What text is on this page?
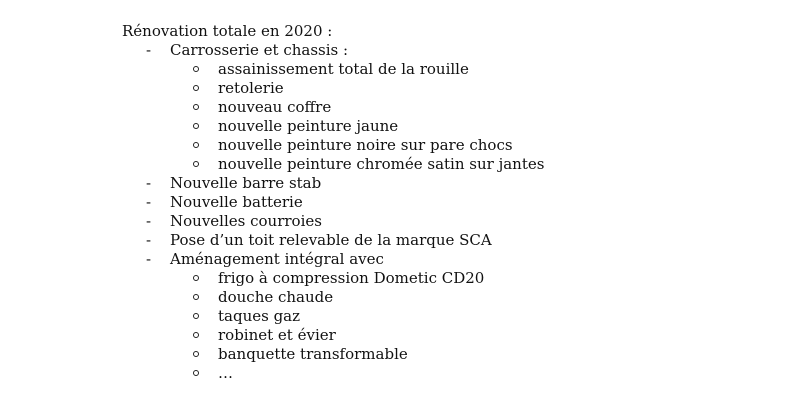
Rénovation totale en 2020 :
- Carrosserie et chassis :
assainissement total de la rouille
retolerie
nouveau coffre
nouvelle peinture jaune
nouvelle peinture noire sur pare chocs
nouvelle peinture chromée satin sur jantes
- Nouvelle barre stab
- Nouvelle batterie
- Nouvelles courroies
- Pose d’un toit relevable de la marque SCA
- Aménagement intégral avec
frigo à compression Dometic CD20
douche chaude
taques gaz
robinet et évier
banquette transformable
…
